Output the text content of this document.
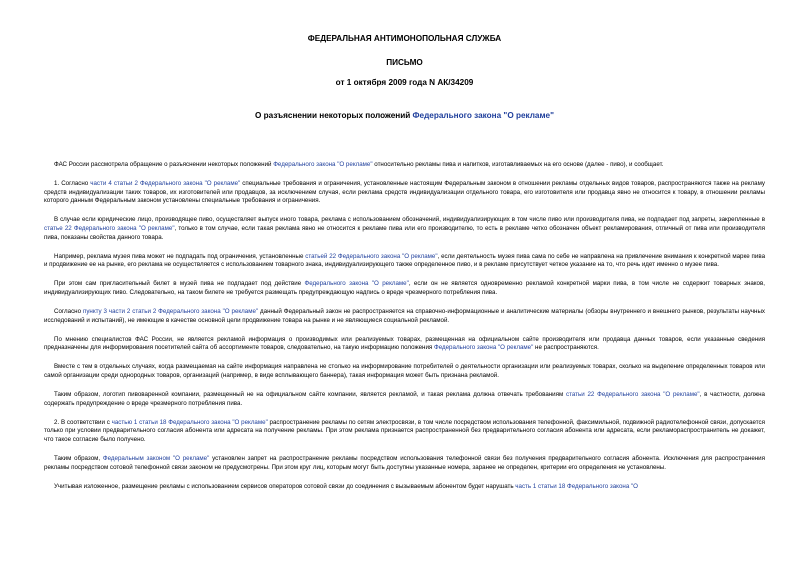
ФЕДЕРАЛЬНАЯ АНТИМОНОПОЛЬНАЯ СЛУЖБА
ПИСЬМО
от 1 октября 2009 года N АК/34209
О разъяснении некоторых положений Федерального закона "О рекламе"

ФАС России рассмотрела обращение о разъяснении некоторых положений Федерального закона "О рекламе" относительно рекламы пива и напитков, изготавливаемых на его основе (далее - пиво), и сообщает.

1. Согласно части 4 статьи 2 Федерального закона "О рекламе" специальные требования и ограничения, установленные настоящим Федеральным законом в отношении рекламы отдельных видов товаров, распространяются также на рекламу средств индивидуализации таких товаров, их изготовителей или продавцов, за исключением случая, если реклама средств индивидуализации отдельного товара, его изготовителя или продавца явно не относится к товару, в отношении рекламы которого данным Федеральным законом установлены специальные требования и ограничения.

В случае если юридические лицо, производящее пиво, осуществляет выпуск иного товара, реклама с использованием обозначений, индивидуализирующих в том числе пиво или производителя пива, не подпадает под запреты, закрепленные в статье 22 Федерального закона "О рекламе", только в том случае, если такая реклама явно не относится к рекламе пива или его производителю, то есть в рекламе четко обозначен объект рекламирования, отличный от пива или производителя пива, показаны свойства данного товара.

Например, реклама музея пива может не подпадать под ограничения, установленные статьей 22 Федерального закона "О рекламе", если деятельность музея пива сама по себе не направлена на привлечение внимания к конкретной марке пива и продвижение ее на рынке, его реклама не осуществляется с использованием товарного знака, индивидуализирующего также определенное пиво, и в рекламе присутствует четкое указание на то, что речь идет именно о музее пива.

При этом сам пригласительный билет в музей пива не подпадает под действие Федерального закона "О рекламе", если он не является одновременно рекламой конкретной марки пива, в том числе не содержит товарных знаков, индивидуализирующих пиво. Следовательно, на таком билете не требуется размещать предупреждающую надпись о вреде чрезмерного потребления пива.

Согласно пункту 3 части 2 статьи 2 Федерального закона "О рекламе" данный Федеральный закон не распространяется на справочно-информационные и аналитические материалы (обзоры внутреннего и внешнего рынков, результаты научных исследований и испытаний), не имеющие в качестве основной цели продвижение товара на рынке и не являющиеся социальной рекламой.

По мнению специалистов ФАС России, не является рекламой информация о производимых или реализуемых товарах, размещенная на официальном сайте производителя или продавца данных товаров, если указанные сведения предназначены для информирования посетителей сайта об ассортименте товаров, следовательно, на такую информацию положения Федерального закона "О рекламе" не распространяются.

Вместе с тем в отдельных случаях, когда размещаемая на сайте информация направлена не столько на информирование потребителей о деятельности организации или реализуемых товарах, сколько на выделение определенных товаров или самой организации среди однородных товаров, организаций (например, в виде всплывающего баннера), такая информация может быть признана рекламой.

Таким образом, логотип пивоваренной компании, размещенный не на официальном сайте компании, является рекламой, и такая реклама должна отвечать требованиям статьи 22 Федерального закона "О рекламе", в частности, должна содержать предупреждение о вреде чрезмерного потребления пива.

2. В соответствии с частью 1 статьи 18 Федерального закона "О рекламе" распространение рекламы по сетям электросвязи, в том числе посредством использования телефонной, факсимильной, подвижной радиотелефонной связи, допускается только при условии предварительного согласия абонента или адресата на получение рекламы. При этом реклама признается распространенной без предварительного согласия абонента или адресата, если рекламораспространитель не докажет, что такое согласие было получено.

Таким образом, Федеральным законом "О рекламе" установлен запрет на распространение рекламы посредством использования телефонной связи без получения предварительного согласия абонента. Исключения для распространения рекламы посредством сотовой телефонной связи законом не предусмотрены. При этом круг лиц, которым могут быть доступны указанные номера, заранее не определен, критерии его определения не установлены.

Учитывая изложенное, размещение рекламы с использованием сервисов операторов сотовой связи до соединения с вызываемым абонентом будет нарушать часть 1 статьи 18 Федерального закона "О
